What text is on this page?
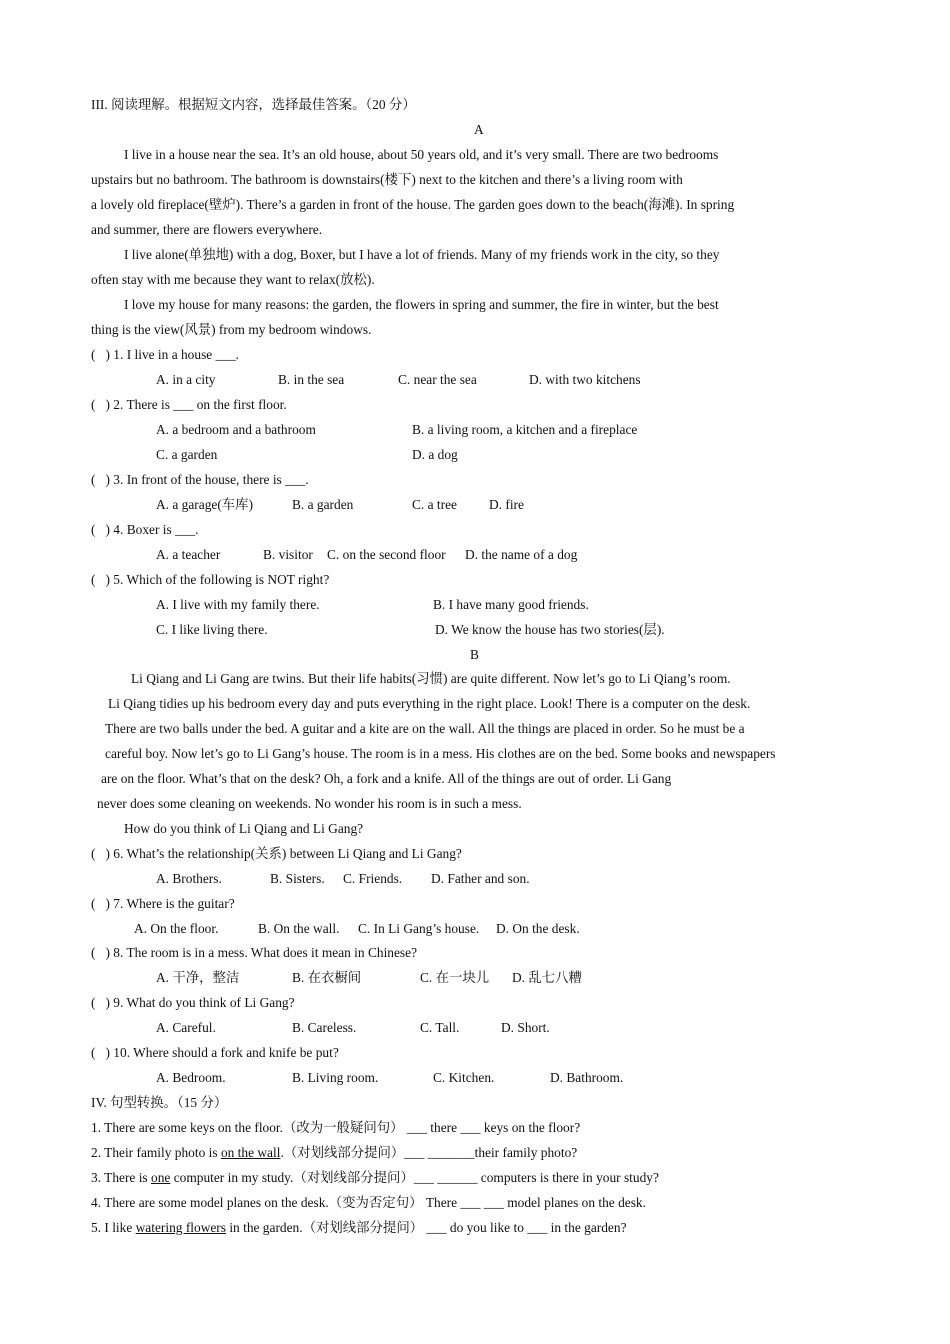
III. 阅读理解。根据短文内容，选择最佳答案。（20 分）
A
I live in a house near the sea. It’s an old house, about 50 years old, and it’s very small. There are two bedrooms
upstairs but no bathroom. The bathroom is downstairs(楼下) next to the kitchen and there’s a living room with
a lovely old fireplace(壁炉). There’s a garden in front of the house. The garden goes down to the beach(海滩). In spring
and summer, there are flowers everywhere.
I live alone(单独地) with a dog, Boxer, but I have a lot of friends. Many of my friends work in the city, so they
often stay with me because they want to relax(放松).
I love my house for many reasons: the garden, the flowers in spring and summer, the fire in winter, but the best
thing is the view(风景) from my bedroom windows.
(   ) 1. I live in a house ___.
A. in a city	B. in the sea	C. near the sea	D. with two kitchens
(   ) 2. There is ___ on the first floor.
A. a bedroom and a bathroom	B. a living room, a kitchen and a fireplace
C. a garden	D. a dog
(   ) 3. In front of the house, there is ___.
A. a garage(车库)	B. a garden	C. a tree D. fire
(   ) 4. Boxer is ___.
A. a teacher	B. visitor C. on the second floor D. the name of a dog
(   ) 5. Which of the following is NOT right?
A. I live with my family there.	B. I have many good friends.
C. I like living there.	D. We know the house has two stories(层).
B
Li Qiang and Li Gang are twins. But their life habits(习惯) are quite different. Now let’s go to Li Qiang’s room.
Li Qiang tidies up his bedroom every day and puts everything in the right place. Look! There is a computer on the desk.
There are two balls under the bed. A guitar and a kite are on the wall. All the things are placed in order. So he must be a
careful boy. Now let’s go to Li Gang’s house. The room is in a mess. His clothes are on the bed. Some books and newspapers
are on the floor. What’s that on the desk? Oh, a fork and a knife. All of the things are out of order. Li Gang
never does some cleaning on weekends. No wonder his room is in such a mess.
How do you think of Li Qiang and Li Gang?
(   ) 6. What’s the relationship(关系) between Li Qiang and Li Gang?
A. Brothers.	B. Sisters. C. Friends. D. Father and son.
(   ) 7. Where is the guitar?
A. On the floor.	B. On the wall. C. In Li Gang’s house. D. On the desk.
(   ) 8. The room is in a mess. What does it mean in Chinese?
A. 干净，整洁	B. 在衣橱间	C. 在一块儿 D. 乱七八糟
(   ) 9. What do you think of Li Gang?
A. Careful.	B. Careless.	C. Tall.	D. Short.
(   ) 10. Where should a fork and knife be put?
A. Bedroom.	B. Living room.	C. Kitchen.	D. Bathroom.
IV. 句型转换。（15 分）
1. There are some keys on the floor.（改为一般疑问句） ___ there ___ keys on the floor?
2. Their family photo is on the wall.（对划线部分提问）___ _______their family photo?
3. There is one computer in my study.（对划线部分提问）___ ______ computers is there in your study?
4. There are some model planes on the desk.（变为否定句） There ___ ___ model planes on the desk.
5. I like watering flowers in the garden.（对划线部分提问） ___ do you like to ___ in the garden?
